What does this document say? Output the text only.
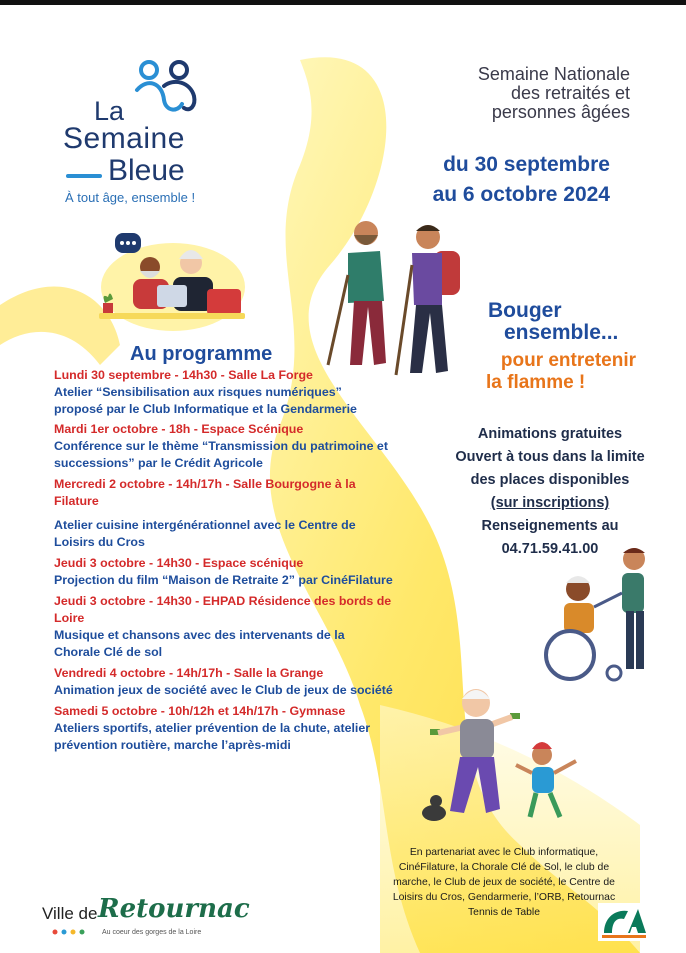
La
Semaine
Bleue
À tout âge, ensemble !
Semaine Nationale
des retraités et
personnes âgées
du 30 septembre
au 6 octobre 2024
Bouger
ensemble...
pour entretenir
la flamme !
Au programme
Lundi 30 septembre - 14h30 - Salle La Forge
Atelier “Sensibilisation aux risques numériques” proposé par le Club Informatique et la Gendarmerie
Mardi 1er octobre - 18h - Espace Scénique
Conférence sur le thème “Transmission du patrimoine et successions” par le Crédit Agricole
Mercredi 2 octobre - 14h/17h - Salle Bourgogne à la Filature
Atelier cuisine intergénérationnel avec le Centre de Loisirs du Cros
Jeudi 3 octobre - 14h30 - Espace scénique
Projection du film “Maison de Retraite 2” par CinéFilature
Jeudi 3 octobre - 14h30 - EHPAD Résidence des bords de Loire
Musique et chansons avec des intervenants de la Chorale Clé de sol
Vendredi 4 octobre - 14h/17h - Salle la Grange
Animation jeux de société avec le Club de jeux de société
Samedi 5 octobre - 10h/12h et 14h/17h - Gymnase
Ateliers sportifs, atelier prévention de la chute, atelier prévention routière, marche l’après-midi
Animations gratuites
Ouvert à tous dans la limite
des places disponibles
(sur inscriptions)
Renseignements au
04.71.59.41.00
En partenariat avec le Club informatique, CinéFilature, la Chorale Clé de Sol, le club de marche, le Club de jeux de société, le Centre de Loisirs du Cros, Gendarmerie, l’ORB, Retournac Tennis de Table
Ville de Retournac
Au coeur des gorges de la Loire
